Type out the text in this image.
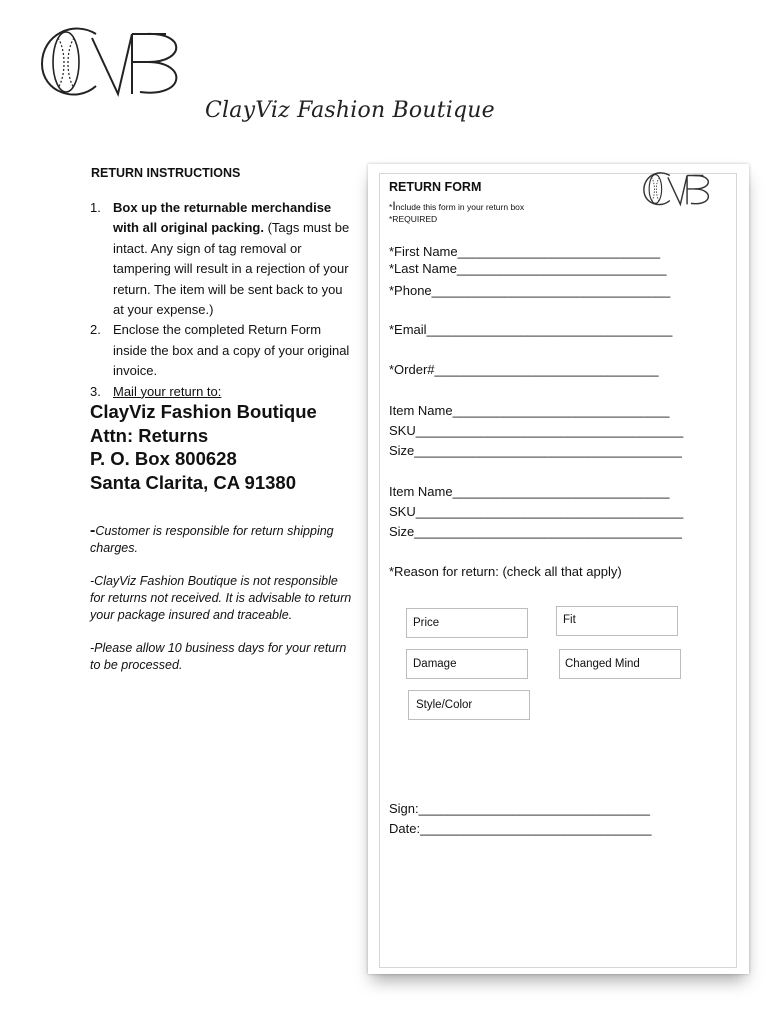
ClayViz Fashion Boutique
RETURN INSTRUCTIONS
1. Box up the returnable merchandise with all original packing. (Tags must be intact. Any sign of tag removal or tampering will result in a rejection of your return. The item will be sent back to you at your expense.)
2. Enclose the completed Return Form inside the box and a copy of your original invoice.
3. Mail your return to:
ClayViz Fashion Boutique
Attn: Returns
P. O. Box 800628
Santa Clarita, CA 91380

-Customer is responsible for return shipping charges.

-ClayViz Fashion Boutique is not responsible for returns not received. It is advisable to return your package insured and traceable.

-Please allow 10 business days for your return to be processed.

RETURN FORM
*Include this form in your return box
*REQUIRED
*First Name____________________________
*Last Name_____________________________
*Phone_________________________________
*Email__________________________________
*Order#_______________________________
Item Name______________________________
SKU_____________________________________
Size_____________________________________
Item Name______________________________
SKU_____________________________________
Size_____________________________________
*Reason for return: (check all that apply)
Price	Fit
Damage	Changed Mind
Style/Color
Sign:________________________________
Date:________________________________
